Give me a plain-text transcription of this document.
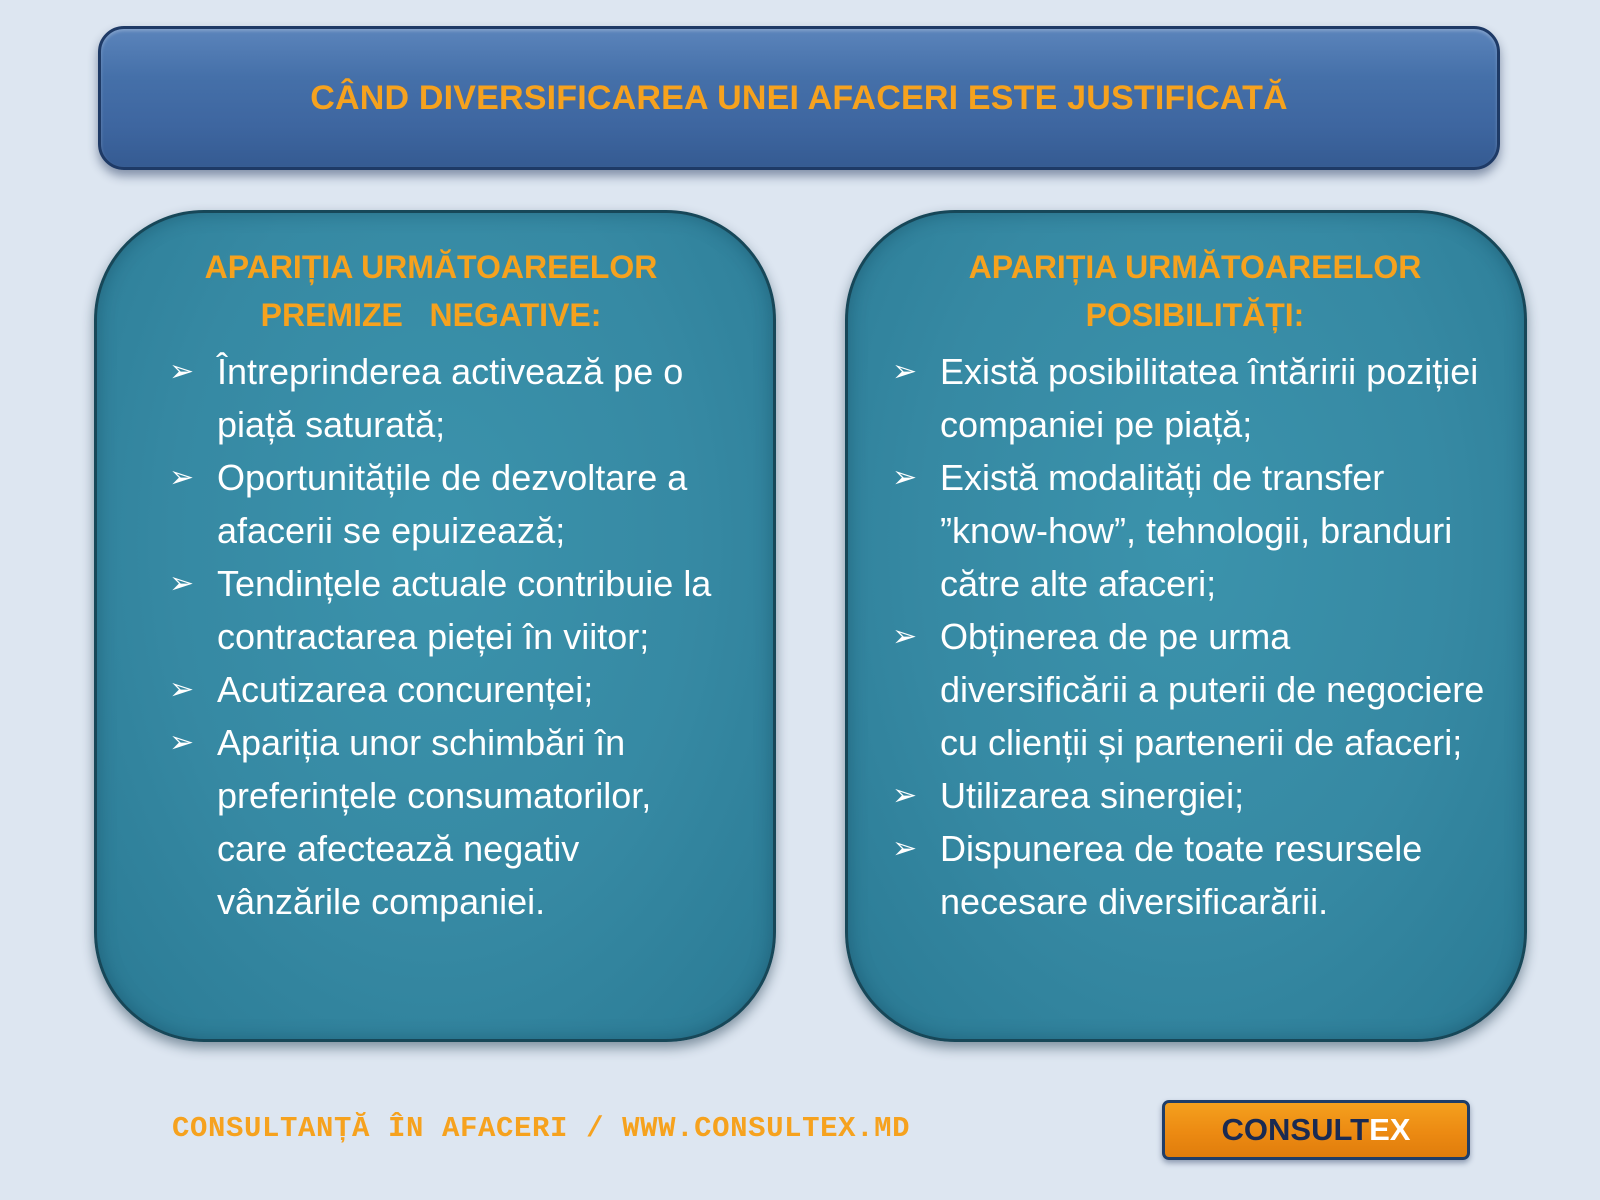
CÂND DIVERSIFICAREA UNEI AFACERI ESTE JUSTIFICATĂ

APARIȚIA URMĂTOAREELOR
PREMIZE   NEGATIVE:

➢ Întreprinderea activează pe o piață saturată;
➢ Oportunitățile de dezvoltare a afacerii se epuizează;
➢ Tendințele actuale contribuie la contractarea pieței în viitor;
➢ Acutizarea concurenței;
➢ Apariția unor schimbări în preferințele consumatorilor, care afectează negativ vânzările companiei.

APARIȚIA URMĂTOAREELOR
POSIBILITĂȚI:

➢ Există posibilitatea întăririi poziției companiei pe piață;
➢ Există modalități de transfer ”know-how”, tehnologii, branduri către alte afaceri;
➢ Obținerea de pe urma diversificării a puterii de negociere cu clienții și partenerii de afaceri;
➢ Utilizarea sinergiei;
➢ Dispunerea de toate resursele necesare diversificarării.
CONSULTANȚĂ ÎN AFACERI / WWW.CONSULTEX.MD	CONSULT EX
